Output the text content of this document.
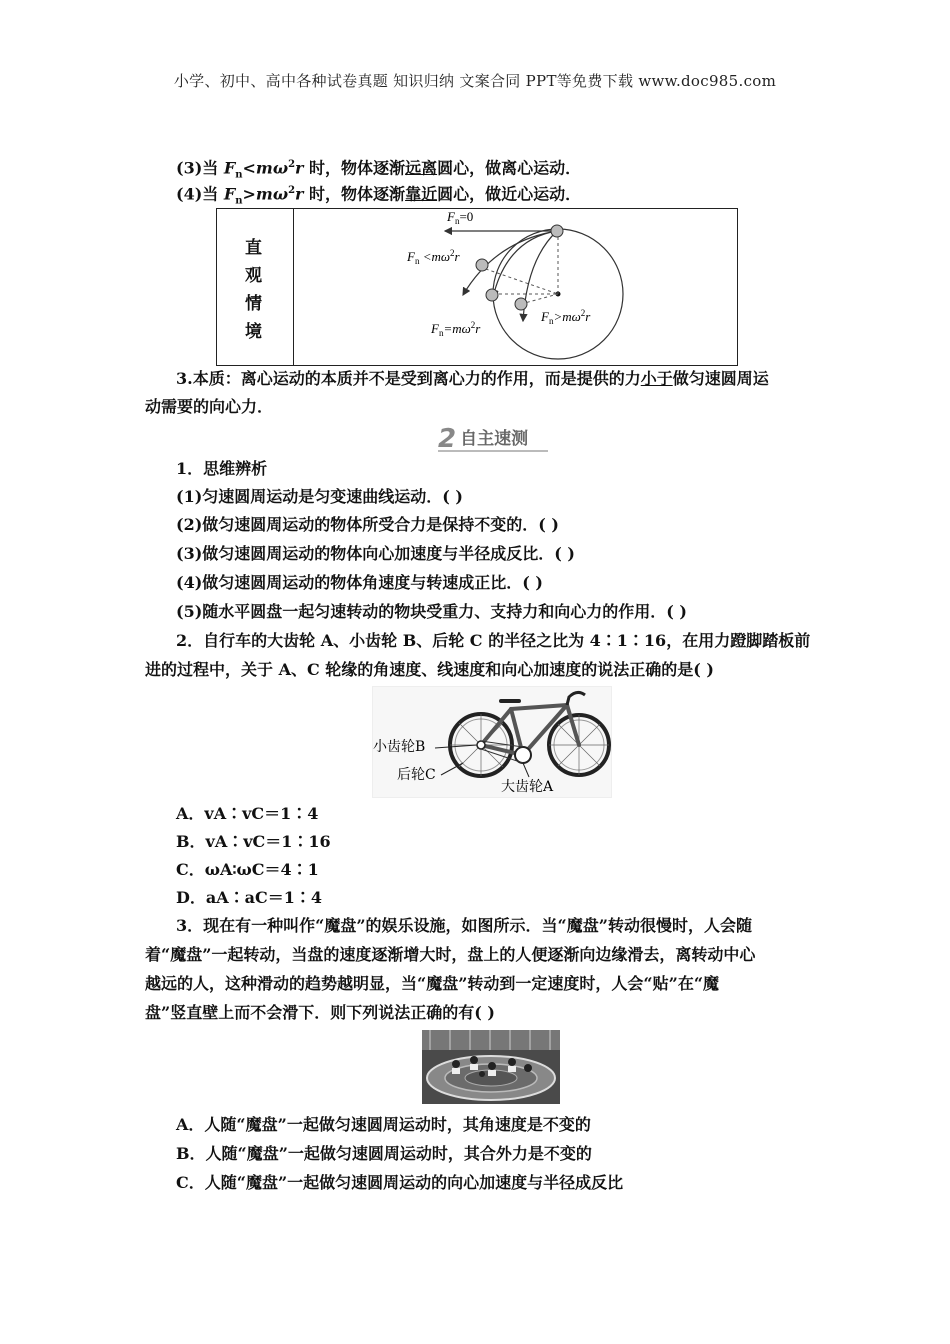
小学、初中、高中各种试卷真题 知识归纳 文案合同 PPT等免费下载 www.doc985.com
(3)当 $F_n<m\omega^2r$ 时，物体逐渐远离圆心，做离心运动．
(4)当 $F_n>m\omega^2r$ 时，物体逐渐靠近圆心，做近心运动．
直
观
情
境
$F_n=0$
$F_n <m\omega^2r$
$F_n=m\omega^2r$
$F_n>m\omega^2r$
3.本质：离心运动的本质并不是受到离心力的作用，而是提供的力小于做匀速圆周运
动需要的向心力．
2 自主速测
1．思维辨析
(1)匀速圆周运动是匀变速曲线运动．( )
(2)做匀速圆周运动的物体所受合力是保持不变的．( )
(3)做匀速圆周运动的物体向心加速度与半径成反比．( )
(4)做匀速圆周运动的物体角速度与转速成正比．( )
(5)随水平圆盘一起匀速转动的物块受重力、支持力和向心力的作用．( )
2．自行车的大齿轮 A、小齿轮 B、后轮 C 的半径之比为 4∶1∶16，在用力蹬脚踏板前
进的过程中，关于 A、C 轮缘的角速度、线速度和向心加速度的说法正确的是( )
小齿轮B
后轮C
大齿轮A
A．vA∶vC＝1∶4
B．vA∶vC＝1∶16
C．ωA∶ωC＝4∶1
D．aA∶aC＝1∶4
3．现在有一种叫作“魔盘”的娱乐设施，如图所示．当“魔盘”转动很慢时，人会随
着“魔盘”一起转动，当盘的速度逐渐增大时，盘上的人便逐渐向边缘滑去，离转动中心
越远的人，这种滑动的趋势越明显，当“魔盘”转动到一定速度时，人会“贴”在“魔
盘”竖直壁上而不会滑下．则下列说法正确的有( )
A．人随“魔盘”一起做匀速圆周运动时，其角速度是不变的
B．人随“魔盘”一起做匀速圆周运动时，其合外力是不变的
C．人随“魔盘”一起做匀速圆周运动的向心加速度与半径成反比
